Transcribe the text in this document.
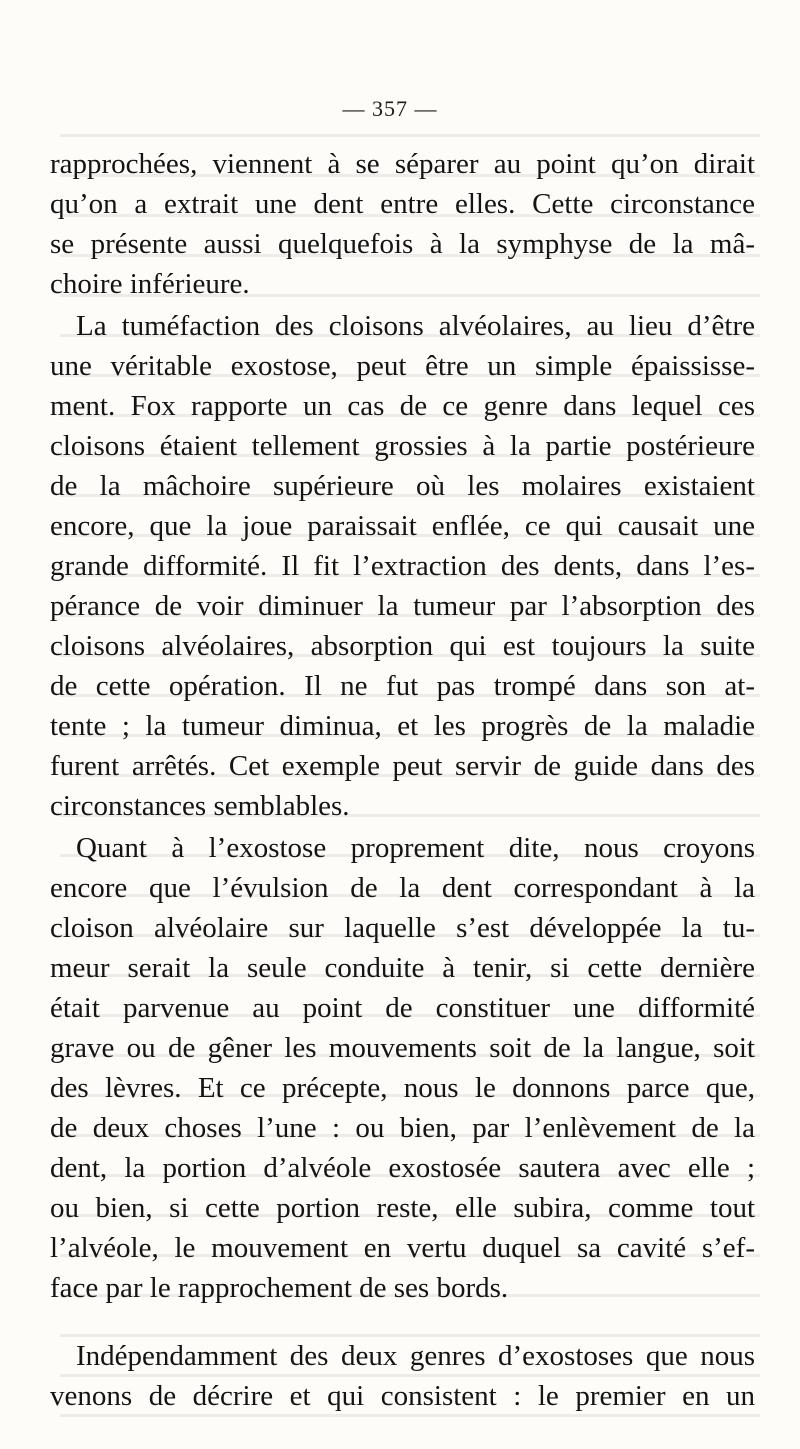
— 357 —
rapprochées, viennent à se séparer au point qu’on dirait
qu’on a extrait une dent entre elles. Cette circonstance
se présente aussi quelquefois à la symphyse de la mâ-
choire inférieure.
La tuméfaction des cloisons alvéolaires, au lieu d’être
une véritable exostose, peut être un simple épaississe-
ment. Fox rapporte un cas de ce genre dans lequel ces
cloisons étaient tellement grossies à la partie postérieure
de la mâchoire supérieure où les molaires existaient
encore, que la joue paraissait enflée, ce qui causait une
grande difformité. Il fit l’extraction des dents, dans l’es-
pérance de voir diminuer la tumeur par l’absorption des
cloisons alvéolaires, absorption qui est toujours la suite
de cette opération. Il ne fut pas trompé dans son at-
tente ; la tumeur diminua, et les progrès de la maladie
furent arrêtés. Cet exemple peut servir de guide dans des
circonstances semblables.
Quant à l’exostose proprement dite, nous croyons
encore que l’évulsion de la dent correspondant à la
cloison alvéolaire sur laquelle s’est développée la tu-
meur serait la seule conduite à tenir, si cette dernière
était parvenue au point de constituer une difformité
grave ou de gêner les mouvements soit de la langue, soit
des lèvres. Et ce précepte, nous le donnons parce que,
de deux choses l’une : ou bien, par l’enlèvement de la
dent, la portion d’alvéole exostosée sautera avec elle ;
ou bien, si cette portion reste, elle subira, comme tout
l’alvéole, le mouvement en vertu duquel sa cavité s’ef-
face par le rapprochement de ses bords.
Indépendamment des deux genres d’exostoses que nous
venons de décrire et qui consistent : le premier en un
